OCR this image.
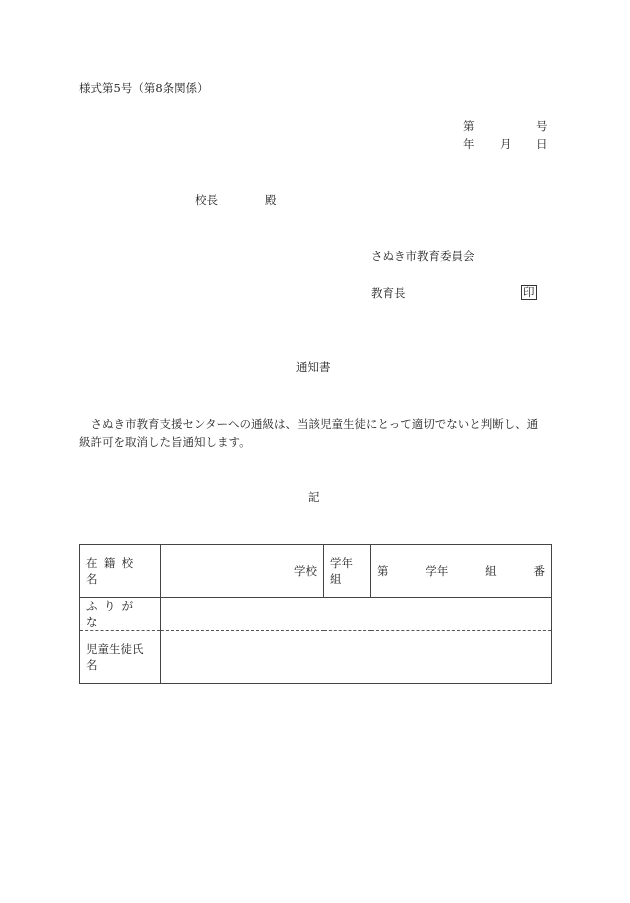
様式第5号（第8条関係）
第	号
年 月 日
校長	殿
さぬき市教育委員会
教育長	印
通知書
さぬき市教育支援センターへの通級は、当該児童生徒にとって適切でないと判断し、通級許可を取消した旨通知します。
記
在籍校名	学校	学年組	第 学年 組 番

ふりがな			
児童生徒氏名			
